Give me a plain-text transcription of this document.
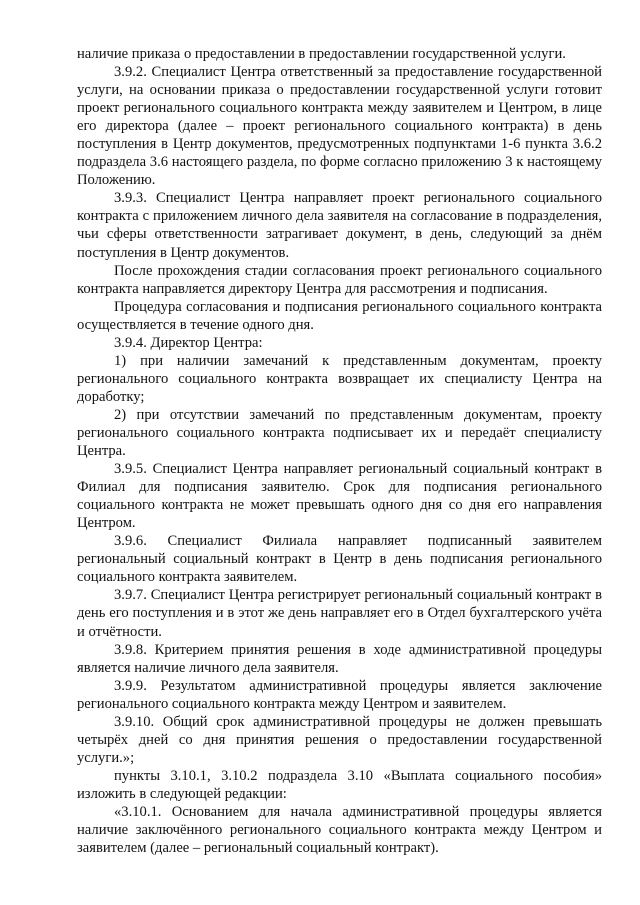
наличие приказа о предоставлении в предоставлении государственной услуги.

3.9.2. Специалист Центра ответственный за предоставление государственной услуги, на основании приказа о предоставлении государственной услуги готовит проект регионального социального контракта между заявителем и Центром, в лице его директора (далее – проект регионального социального контракта) в день поступления в Центр документов, предусмотренных подпунктами 1-6 пункта 3.6.2 подраздела 3.6 настоящего раздела, по форме согласно приложению 3 к настоящему Положению.

3.9.3. Специалист Центра направляет проект регионального социального контракта с приложением личного дела заявителя на согласование в подразделения, чьи сферы ответственности затрагивает документ, в день, следующий за днём поступления в Центр документов.

После прохождения стадии согласования проект регионального социального контракта направляется директору Центра для рассмотрения и подписания.

Процедура согласования и подписания регионального социального контракта осуществляется в течение одного дня.

3.9.4. Директор Центра:

1) при наличии замечаний к представленным документам, проекту регионального социального контракта возвращает их специалисту Центра на доработку;

2) при отсутствии замечаний по представленным документам, проекту регионального социального контракта подписывает их и передаёт специалисту Центра.

3.9.5. Специалист Центра направляет региональный социальный контракт в Филиал для подписания заявителю. Срок для подписания регионального социального контракта не может превышать одного дня со дня его направления Центром.

3.9.6. Специалист Филиала направляет подписанный заявителем региональный социальный контракт в Центр в день подписания регионального социального контракта заявителем.

3.9.7. Специалист Центра регистрирует региональный социальный контракт в день его поступления и в этот же день направляет его в Отдел бухгалтерского учёта и отчётности.

3.9.8. Критерием принятия решения в ходе административной процедуры является наличие личного дела заявителя.

3.9.9. Результатом административной процедуры является заключение регионального социального контракта между Центром и заявителем.

3.9.10. Общий срок административной процедуры не должен превышать четырёх дней со дня принятия решения о предоставлении государственной услуги.»;

пункты 3.10.1, 3.10.2 подраздела 3.10 «Выплата социального пособия» изложить в следующей редакции:

«3.10.1. Основанием для начала административной процедуры является наличие заключённого регионального социального контракта между Центром и заявителем (далее – региональный социальный контракт).
